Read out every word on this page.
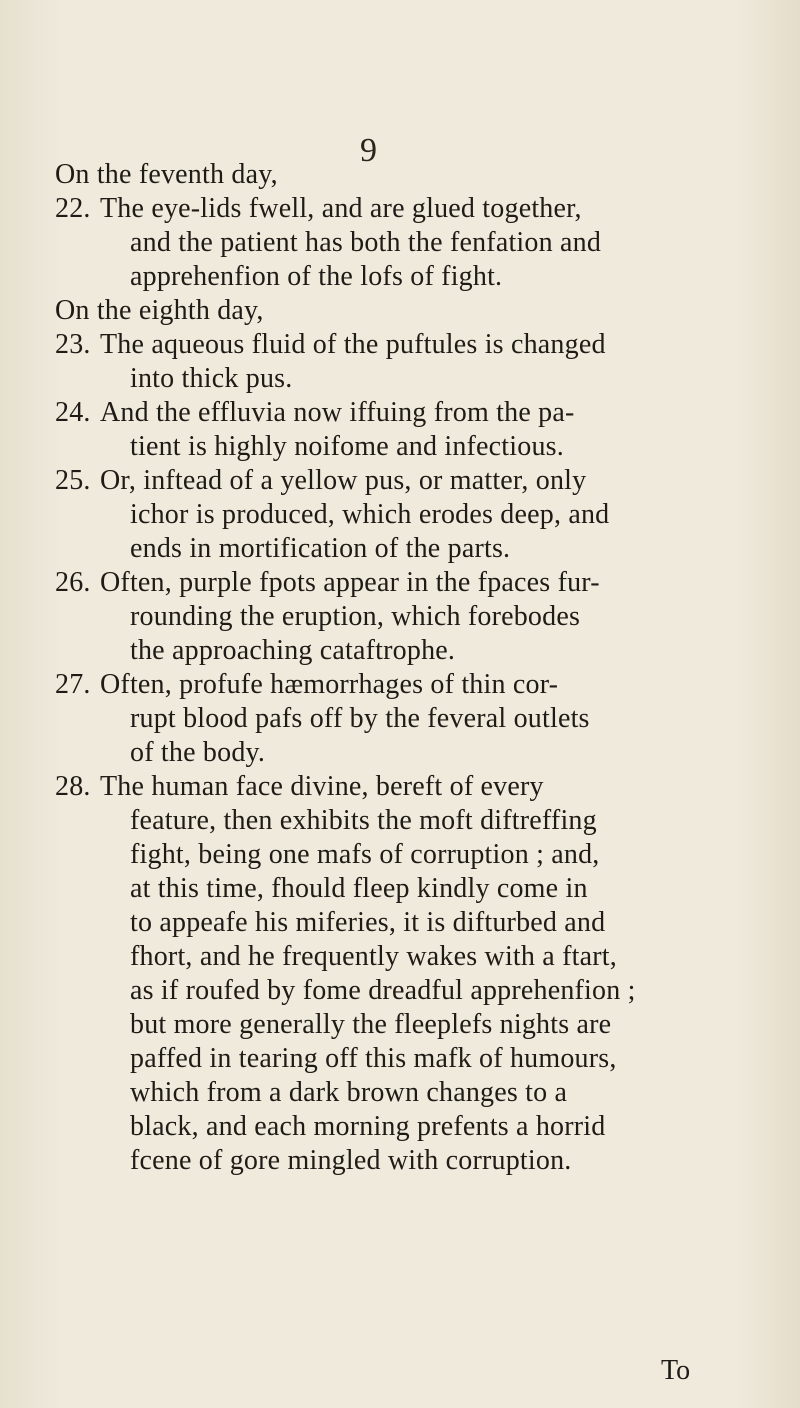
9
On the feventh day,
22. The eye-lids fwell, and are glued together,
and the patient has both the fenfation and
apprehenfion of the lofs of fight.
On the eighth day,
23. The aqueous fluid of the puftules is changed
into thick pus.
24. And the effluvia now iffuing from the pa-
tient is highly noifome and infectious.
25. Or, inftead of a yellow pus, or matter, only
ichor is produced, which erodes deep, and
ends in mortification of the parts.
26. Often, purple fpots appear in the fpaces fur-
rounding the eruption, which forebodes
the approaching cataftrophe.
27. Often, profufe hæmorrhages of thin cor-
rupt blood pafs off by the feveral outlets
of the body.
28. The human face divine, bereft of every
feature, then exhibits the moft diftreffing
fight, being one mafs of corruption ; and,
at this time, fhould fleep kindly come in
to appeafe his miferies, it is difturbed and
fhort, and he frequently wakes with a ftart,
as if roufed by fome dreadful apprehenfion ;
but more generally the fleeplefs nights are
paffed in tearing off this mafk of humours,
which from a dark brown changes to a
black, and each morning prefents a horrid
fcene of gore mingled with corruption.
To
